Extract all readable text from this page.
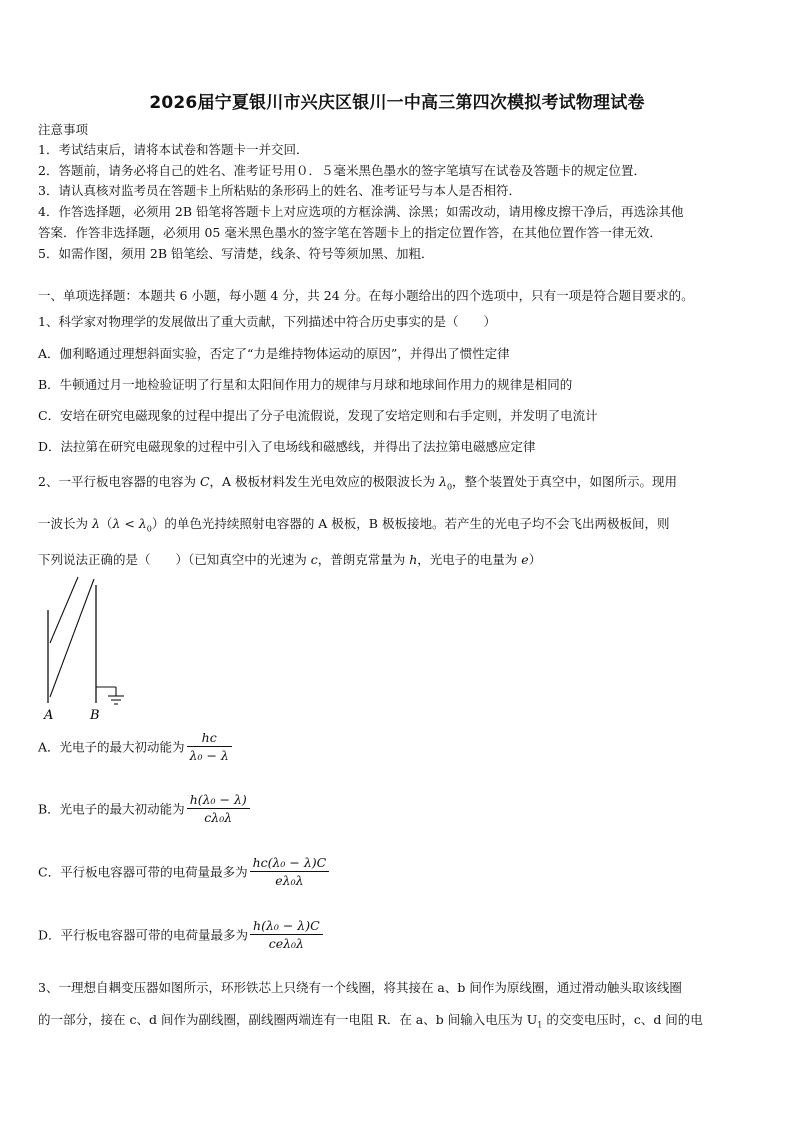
2026届宁夏银川市兴庆区银川一中高三第四次模拟考试物理试卷
注意事项
1．考试结束后，请将本试卷和答题卡一并交回．
2．答题前，请务必将自己的姓名、准考证号用０．５毫米黑色墨水的签字笔填写在试卷及答题卡的规定位置．
3．请认真核对监考员在答题卡上所粘贴的条形码上的姓名、准考证号与本人是否相符．
4．作答选择题，必须用 2B 铅笔将答题卡上对应选项的方框涂满、涂黑；如需改动，请用橡皮擦干净后，再选涂其他
答案．作答非选择题，必须用 05 毫米黑色墨水的签字笔在答题卡上的指定位置作答，在其他位置作答一律无效．
5．如需作图，须用 2B 铅笔绘、写清楚，线条、符号等须加黑、加粗．
一、单项选择题：本题共 6 小题，每小题 4 分，共 24 分。在每小题给出的四个选项中，只有一项是符合题目要求的。
1、科学家对物理学的发展做出了重大贡献，下列描述中符合历史事实的是（　　）
A．伽利略通过理想斜面实验，否定了“力是维持物体运动的原因”，并得出了惯性定律
B．牛顿通过月一地检验证明了行星和太阳间作用力的规律与月球和地球间作用力的规律是相同的
C．安培在研究电磁现象的过程中提出了分子电流假说，发现了安培定则和右手定则，并发明了电流计
D．法拉第在研究电磁现象的过程中引入了电场线和磁感线，并得出了法拉第电磁感应定律
2、一平行板电容器的电容为 C，A 极板材料发生光电效应的极限波长为 $\lambda_0$，整个装置处于真空中，如图所示。现用
一波长为 $\lambda(\lambda < \lambda_0)$的单色光持续照射电容器的 A 极板，B 极板接地。若产生的光电子均不会飞出两极板间，则
下列说法正确的是（　　）（已知真空中的光速为 c，普朗克常量为 h，光电子的电量为 e）
A	B
A．光电子的最大初动能为 $\frac{hc}{\text{λ₀ − λ}}$
B．光电子的最大初动能为 $\frac{\text{h(λ₀ − λ)}}{\text{cλ₀λ}}$
C．平行板电容器可带的电荷量最多为 $\frac{\text{hc(λ₀ − λ)C}}{\text{eλ₀λ}}$
D．平行板电容器可带的电荷量最多为 $\frac{\text{h(λ₀ − λ)C}}{\text{ceλ₀λ}}$
3、一理想自耦变压器如图所示，环形铁芯上只绕有一个线圈，将其接在 a、b 间作为原线圈，通过滑动触头取该线圈
的一部分，接在 c、d 间作为副线圈，副线圈两端连有一电阻 R．在 a、b 间输入电压为 $U_1$ 的交变电压时，c、d 间的电
